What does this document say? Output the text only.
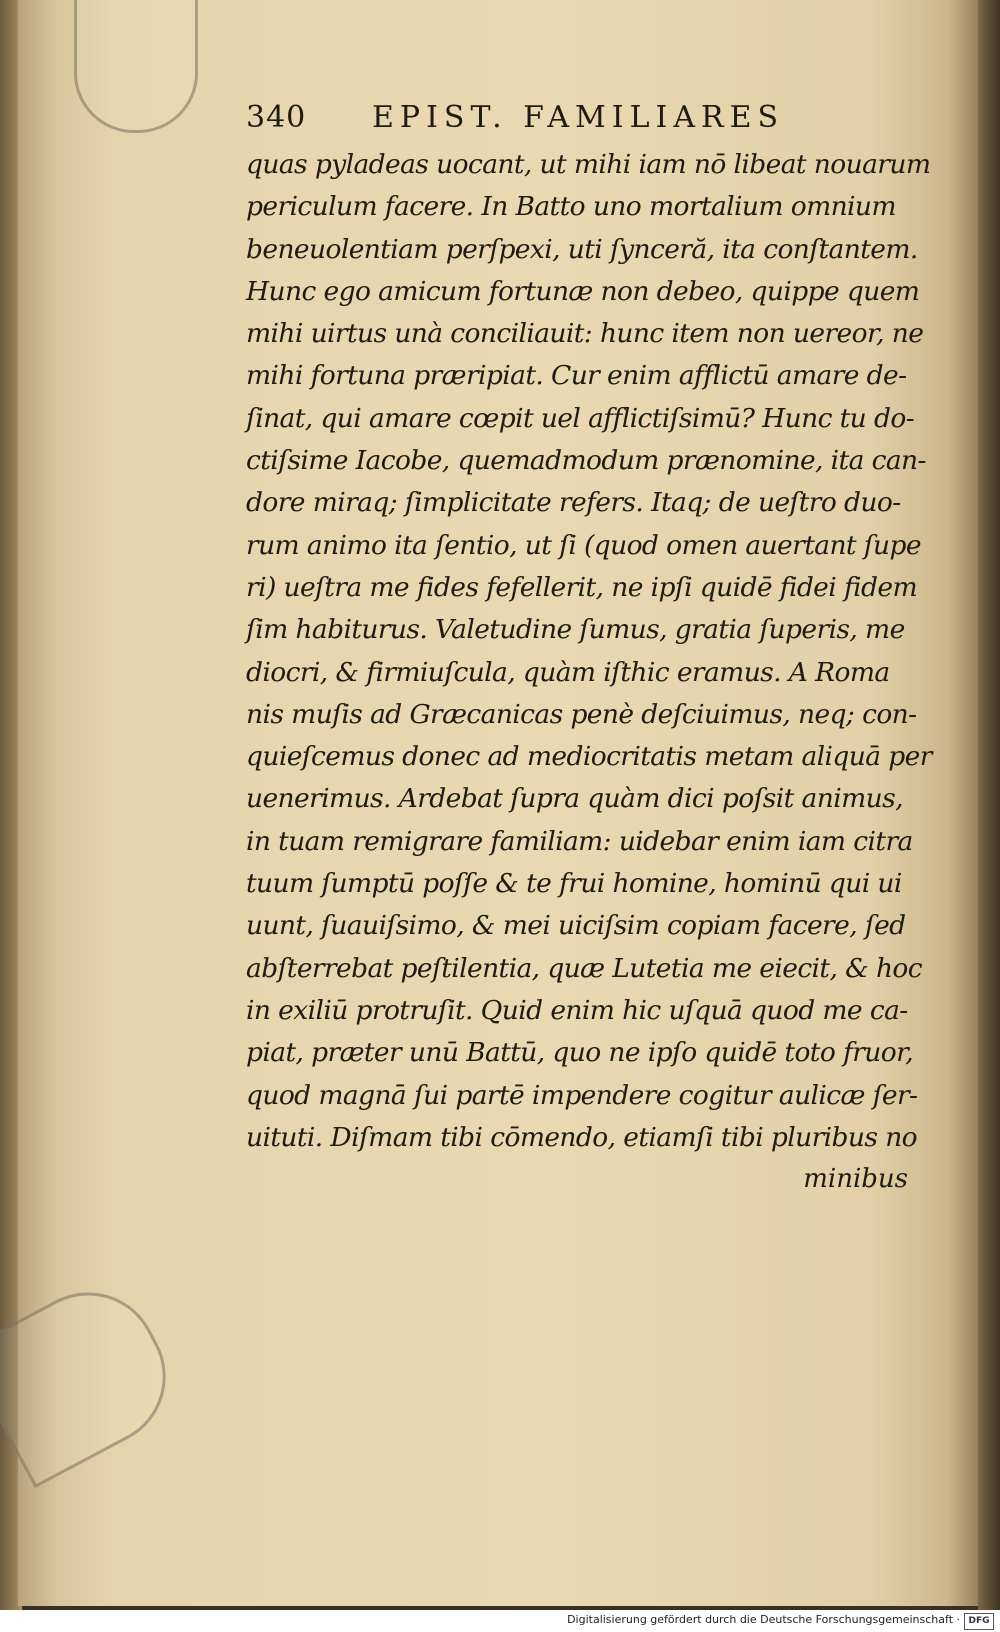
340 EPIST. FAMILIARES
quas pyladeas uocant, ut mihi iam nō libeat nouarum
periculum facere. In Batto uno mortalium omnium
beneuolentiam perſpexi, uti ſynceră, ita conſtantem.
Hunc ego amicum fortunæ non debeo, quippe quem
mihi uirtus unà conciliauit: hunc item non uereor, ne
mihi fortuna præripiat. Cur enim afflictū amare de-
ſinat, qui amare cœpit uel afflictiſsimū? Hunc tu do-
ctiſsime Iacobe, quemadmodum prænomine, ita can-
dore miraq; ſimplicitate refers. Itaq; de ueſtro duo-
rum animo ita ſentio, ut ſi (quod omen auertant ſupe
ri) ueſtra me fides fefellerit, ne ipſi quidē fidei fidem
ſim habiturus. Valetudine ſumus, gratia ſuperis, me
diocri, & firmiuſcula, quàm iſthic eramus. A Roma
nis muſis ad Græcanicas penè deſciuimus, neq; con-
quieſcemus donec ad mediocritatis metam aliquā per
uenerimus. Ardebat ſupra quàm dici poſsit animus,
in tuam remigrare familiam: uidebar enim iam citra
tuum ſumptū poſſe & te frui homine, hominū qui ui
uunt, ſuauiſsimo, & mei uiciſsim copiam facere, ſed
abſterrebat peſtilentia, quæ Lutetia me eiecit, & hoc
in exiliū protruſit. Quid enim hic uſquā quod me ca-
piat, præter unū Battū, quo ne ipſo quidē toto fruor,
quod magnā ſui partē impendere cogitur aulicæ ſer-
uituti. Diſmam tibi cōmendo, etiamſi tibi pluribus no
minibus
Digitalisierung gefördert durch die Deutsche Forschungsgemeinschaft · DFG
